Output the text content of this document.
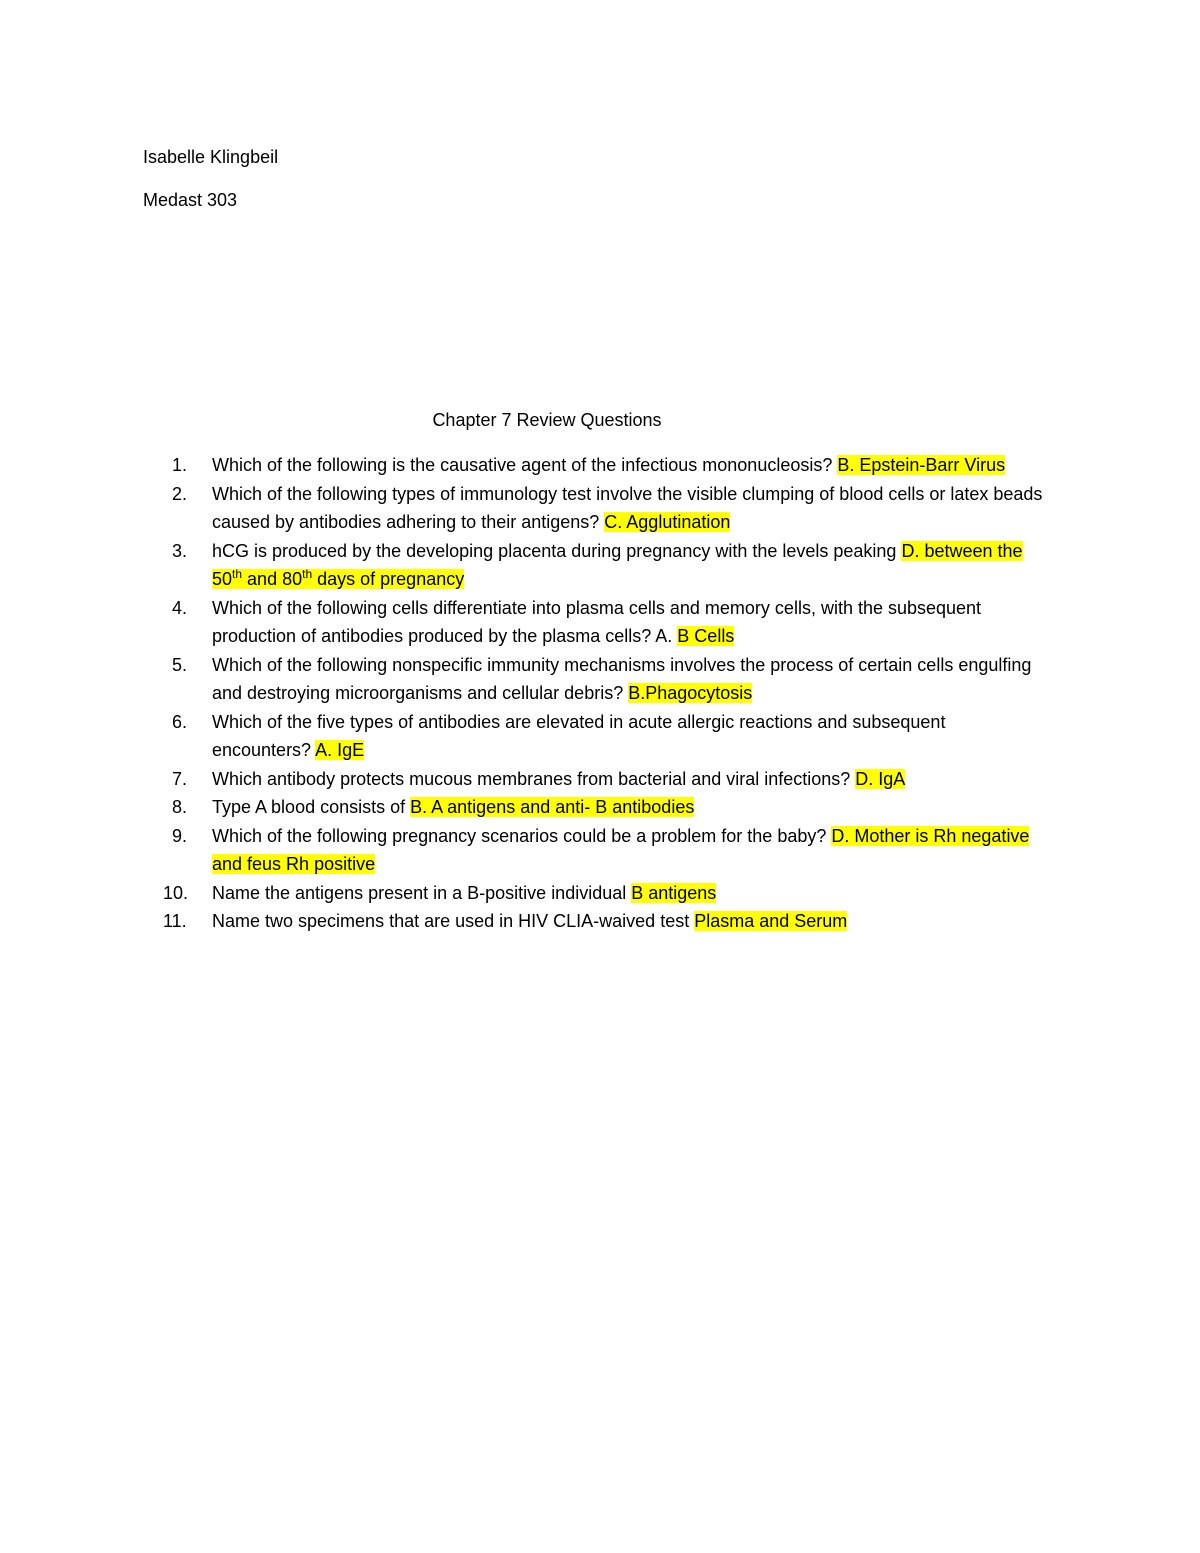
Isabelle Klingbeil
Medast 303
Chapter 7 Review Questions
1.	Which of the following is the causative agent of the infectious mononucleosis? B. Epstein-Barr Virus
2.	Which of the following types of immunology test involve the visible clumping of blood cells or latex beads caused by antibodies adhering to their antigens? C. Agglutination
3.	hCG is produced by the developing placenta during pregnancy with the levels peaking D. between the 50th and 80th days of pregnancy
4.	Which of the following cells differentiate into plasma cells and memory cells, with the subsequent production of antibodies produced by the plasma cells? A. B Cells
5.	Which of the following nonspecific immunity mechanisms involves the process of certain cells engulfing and destroying microorganisms and cellular debris? B.Phagocytosis
6.	Which of the five types of antibodies are elevated in acute allergic reactions and subsequent encounters? A. IgE
7.	Which antibody protects mucous membranes from bacterial and viral infections? D. IgA
8.	Type A blood consists of B. A antigens and anti- B antibodies
9.	Which of the following pregnancy scenarios could be a problem for the baby? D. Mother is Rh negative and feus Rh positive
10.	Name the antigens present in a B-positive individual B antigens
11.	Name two specimens that are used in HIV CLIA-waived test Plasma and Serum
